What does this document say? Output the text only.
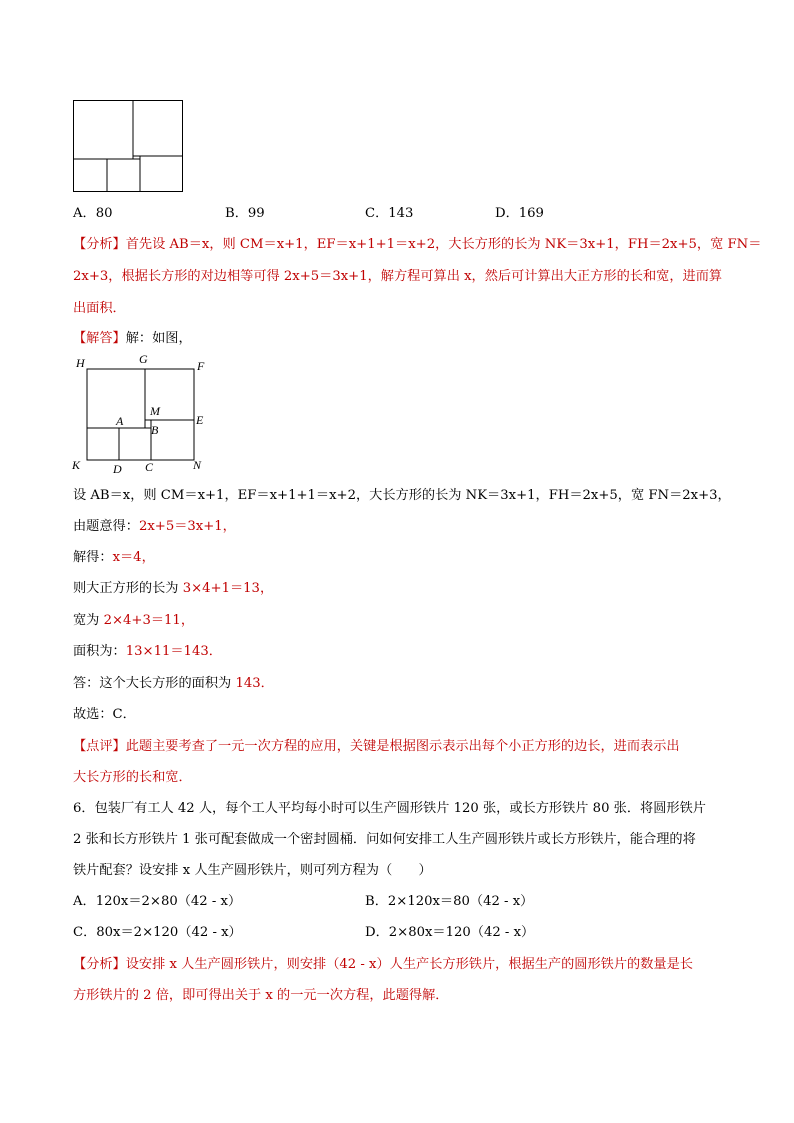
A．80	B．99	C．143	D．169
【分析】首先设 AB＝x，则 CM＝x+1，EF＝x+1+1＝x+2，大长方形的长为 NK＝3x+1，FH＝2x+5，宽 FN＝
2x+3，根据长方形的对边相等可得 2x+5＝3x+1，解方程可算出 x，然后可计算出大正方形的长和宽，进而算
出面积．
【解答】解：如图，
H	G	F
M
E
A
B
K	D C	N
设 AB＝x，则 CM＝x+1，EF＝x+1+1＝x+2，大长方形的长为 NK＝3x+1，FH＝2x+5，宽 FN＝2x+3，
由题意得：2x+5＝3x+1，
解得：x＝4，
则大正方形的长为 3×4+1＝13，
宽为 2×4+3＝11，
面积为：13×11＝143．
答：这个大长方形的面积为 143．
故选：C．
【点评】此题主要考查了一元一次方程的应用，关键是根据图示表示出每个小正方形的边长，进而表示出
大长方形的长和宽．
6．包装厂有工人 42 人，每个工人平均每小时可以生产圆形铁片 120 张，或长方形铁片 80 张．将圆形铁片
2 张和长方形铁片 1 张可配套做成一个密封圆桶．问如何安排工人生产圆形铁片或长方形铁片，能合理的将
铁片配套？设安排 x 人生产圆形铁片，则可列方程为（　　）
A．120x＝2×80（42 - x）	B．2×120x＝80（42 - x）
C．80x＝2×120（42 - x）	D．2×80x＝120（42 - x）
【分析】设安排 x 人生产圆形铁片，则安排（42 - x）人生产长方形铁片，根据生产的圆形铁片的数量是长
方形铁片的 2 倍，即可得出关于 x 的一元一次方程，此题得解．
